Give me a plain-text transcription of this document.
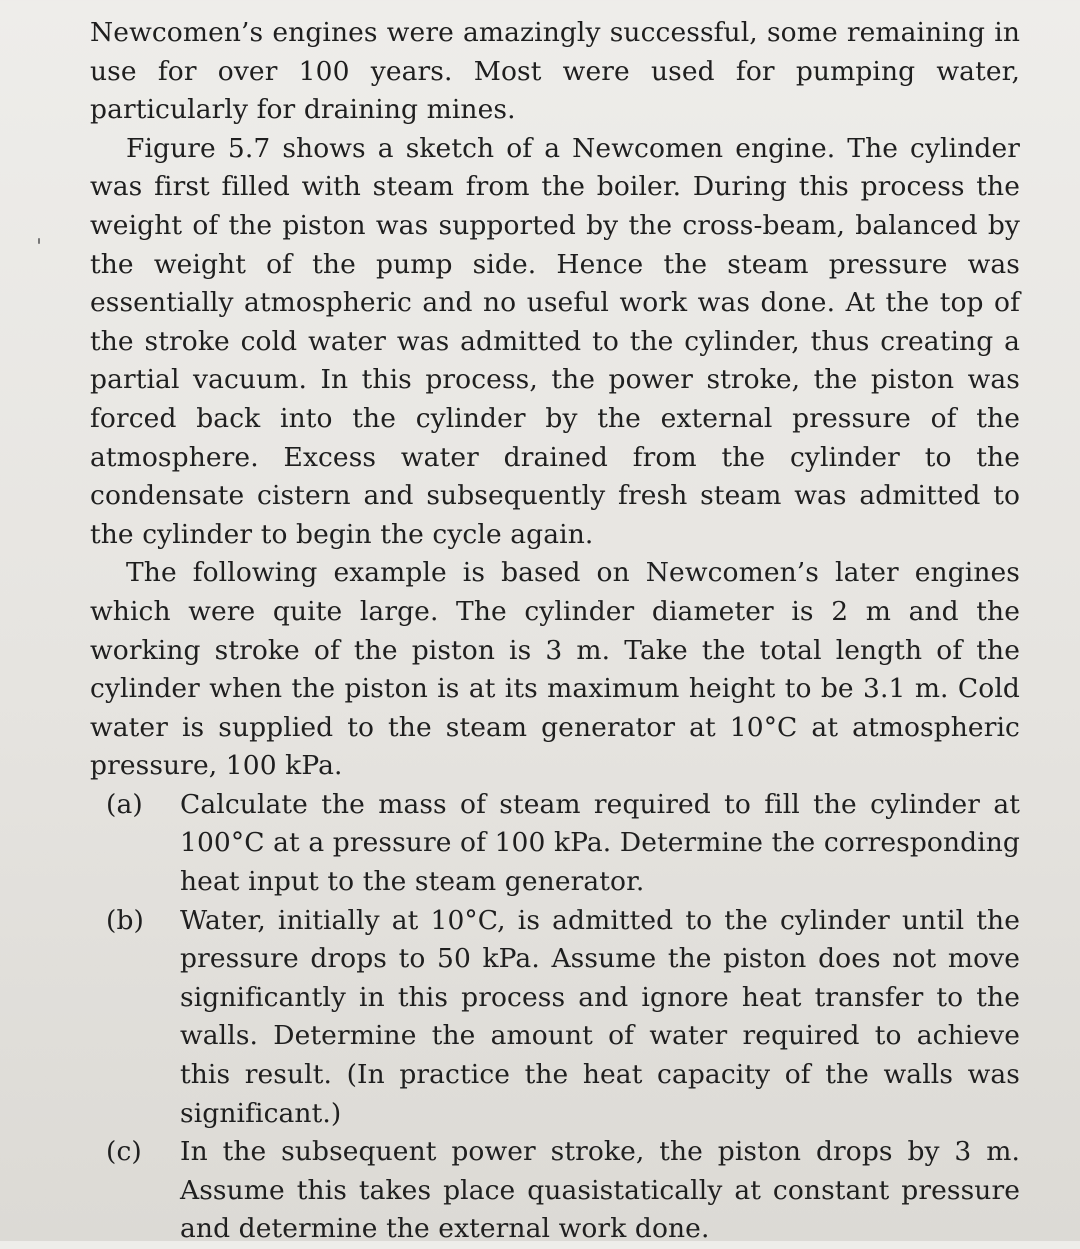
Newcomen’s engines were amazingly successful, some remaining in use for over 100 years. Most were used for pumping water, particularly for draining mines.

Figure 5.7 shows a sketch of a Newcomen engine. The cylinder was first filled with steam from the boiler. During this process the weight of the piston was supported by the cross-beam, balanced by the weight of the pump side. Hence the steam pressure was essentially atmospheric and no useful work was done. At the top of the stroke cold water was admitted to the cylinder, thus creating a partial vacuum. In this process, the power stroke, the piston was forced back into the cylinder by the external pressure of the atmosphere. Excess water drained from the cylinder to the condensate cistern and subsequently fresh steam was admitted to the cylinder to begin the cycle again.

The following example is based on Newcomen’s later engines which were quite large. The cylinder diameter is 2 m and the working stroke of the piston is 3 m. Take the total length of the cylinder when the piston is at its maximum height to be 3.1 m. Cold water is supplied to the steam generator at 10°C at atmospheric pressure, 100 kPa.

(a) Calculate the mass of steam required to fill the cylinder at 100°C at a pressure of 100 kPa. Determine the corresponding heat input to the steam generator.
(b) Water, initially at 10°C, is admitted to the cylinder until the pressure drops to 50 kPa. Assume the piston does not move significantly in this process and ignore heat transfer to the walls. Determine the amount of water required to achieve this result. (In practice the heat capacity of the walls was significant.)
(c) In the subsequent power stroke, the piston drops by 3 m. Assume this takes place quasistatically at constant pressure and determine the external work done.
